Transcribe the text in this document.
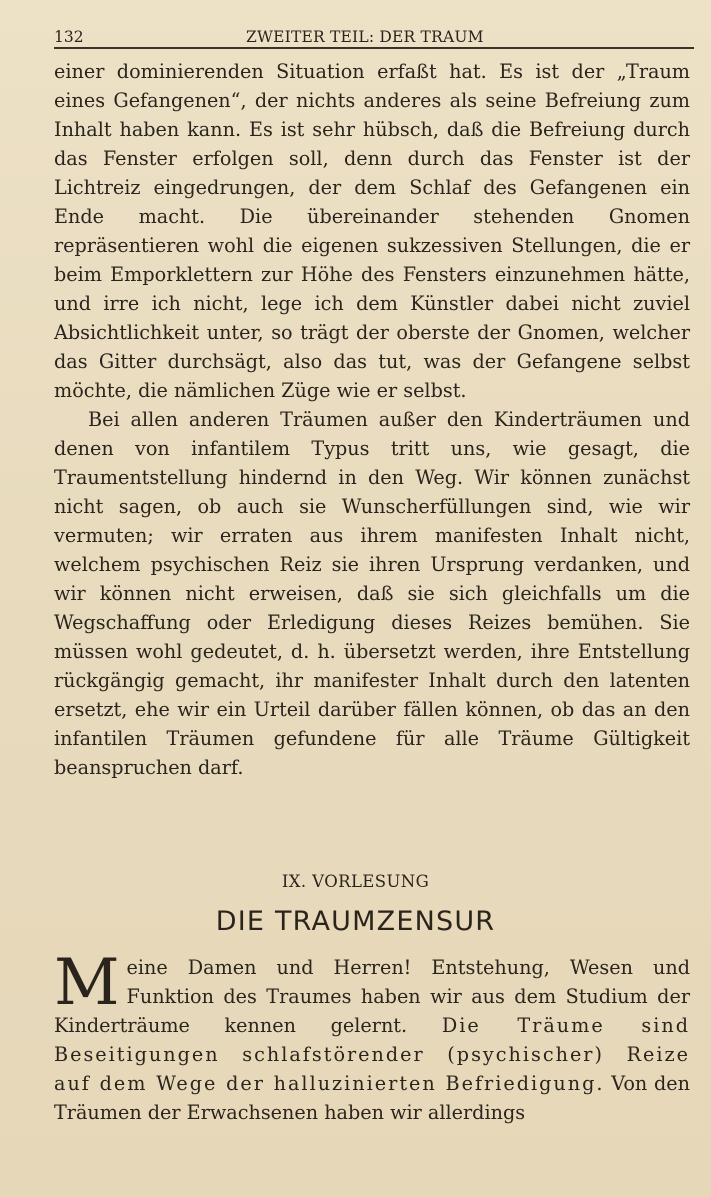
132	ZWEITER TEIL: DER TRAUM

einer dominierenden Situation erfaßt hat. Es ist der „Traum eines Gefangenen“, der nichts anderes als seine Befreiung zum Inhalt haben kann. Es ist sehr hübsch, daß die Befreiung durch das Fenster erfolgen soll, denn durch das Fenster ist der Lichtreiz eingedrungen, der dem Schlaf des Gefangenen ein Ende macht. Die übereinander stehenden Gnomen repräsentieren wohl die eigenen sukzessiven Stellungen, die er beim Emporklettern zur Höhe des Fensters einzunehmen hätte, und irre ich nicht, lege ich dem Künstler dabei nicht zuviel Absichtlichkeit unter, so trägt der oberste der Gnomen, welcher das Gitter durchsägt, also das tut, was der Gefangene selbst möchte, die nämlichen Züge wie er selbst.

Bei allen anderen Träumen außer den Kinderträumen und denen von infantilem Typus tritt uns, wie gesagt, die Traumentstellung hindernd in den Weg. Wir können zunächst nicht sagen, ob auch sie Wunscherfüllungen sind, wie wir vermuten; wir erraten aus ihrem manifesten Inhalt nicht, welchem psychischen Reiz sie ihren Ursprung verdanken, und wir können nicht erweisen, daß sie sich gleichfalls um die Wegschaffung oder Erledigung dieses Reizes bemühen. Sie müssen wohl gedeutet, d. h. übersetzt werden, ihre Entstellung rückgängig gemacht, ihr manifester Inhalt durch den latenten ersetzt, ehe wir ein Urteil darüber fällen können, ob das an den infantilen Träumen gefundene für alle Träume Gültigkeit beanspruchen darf.

IX. VORLESUNG
DIE TRAUMZENSUR
M eine Damen und Herren! Entstehung, Wesen und Funktion des Traumes haben wir aus dem Studium der Kinderträume kennen gelernt. Die Träume sind Beseitigungen schlafstörender (psychischer) Reize auf dem Wege der halluzinierten Befriedigung. Von den Träumen der Erwachsenen haben wir allerdings
